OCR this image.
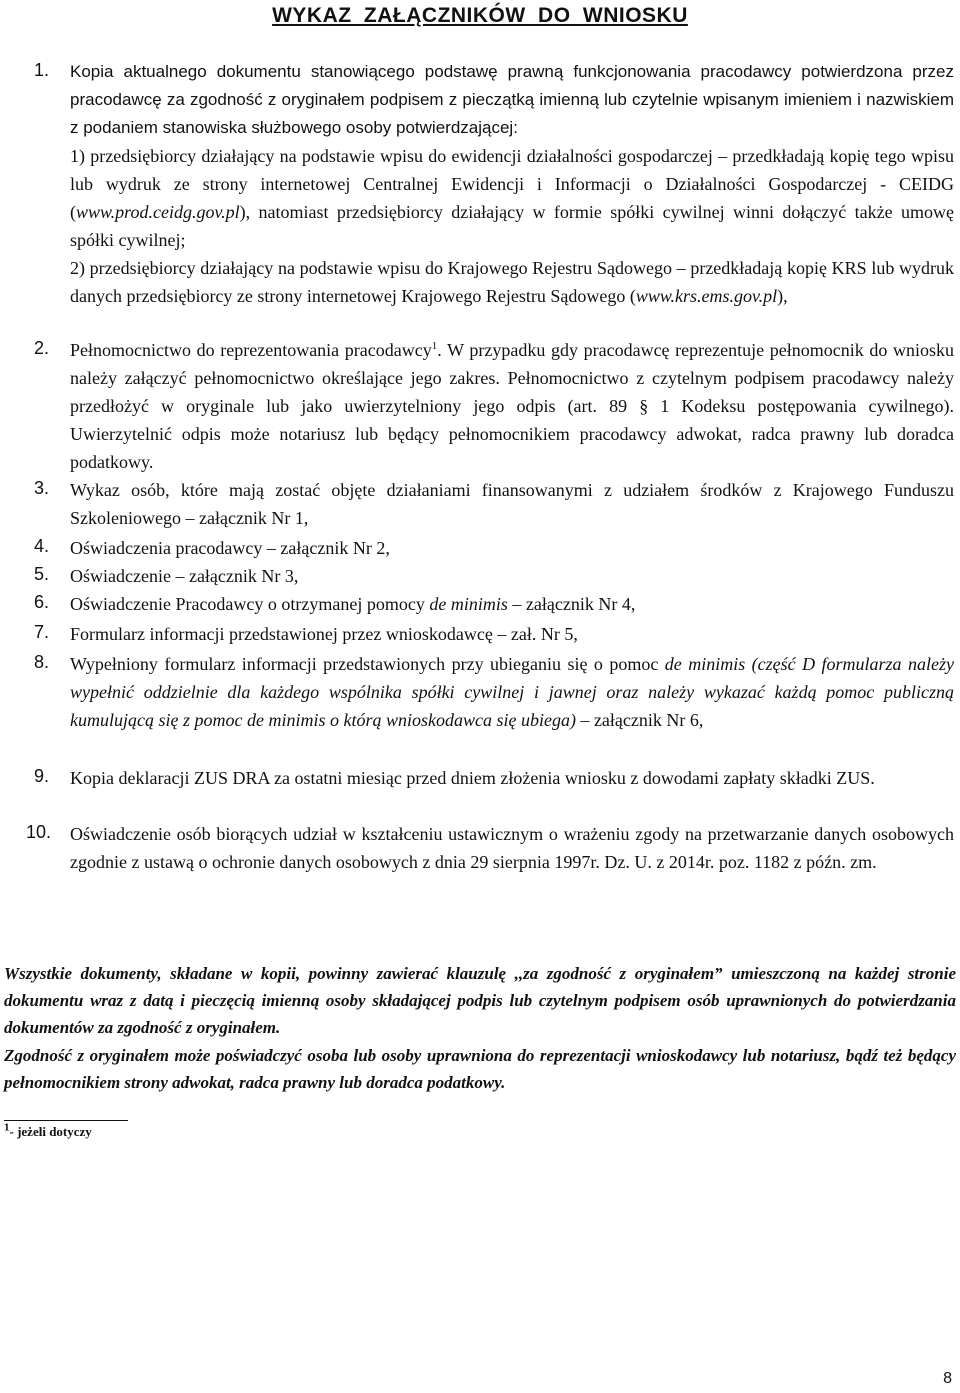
WYKAZ ZAŁĄCZNIKÓW DO WNIOSKU
1.	Kopia aktualnego dokumentu stanowiącego podstawę prawną funkcjonowania pracodawcy potwierdzona przez pracodawcę za zgodność z oryginałem podpisem z pieczątką imienną lub czytelnie wpisanym imieniem i nazwiskiem z podaniem stanowiska służbowego osoby potwierdzającej:
1) przedsiębiorcy działający na podstawie wpisu do ewidencji działalności gospodarczej – przedkładają kopię tego wpisu lub wydruk ze strony internetowej Centralnej Ewidencji i Informacji o Działalności Gospodarczej - CEIDG (www.prod.ceidg.gov.pl), natomiast przedsiębiorcy działający w formie spółki cywilnej winni dołączyć także umowę spółki cywilnej;
2) przedsiębiorcy działający na podstawie wpisu do Krajowego Rejestru Sądowego – przedkładają kopię KRS lub wydruk danych przedsiębiorcy ze strony internetowej Krajowego Rejestru Sądowego (www.krs.ems.gov.pl),
2.	Pełnomocnictwo do reprezentowania pracodawcy$^1$. W przypadku gdy pracodawcę reprezentuje pełnomocnik do wniosku należy załączyć pełnomocnictwo określające jego zakres. Pełnomocnictwo z czytelnym podpisem pracodawcy należy przedłożyć w oryginale lub jako uwierzytelniony jego odpis (art. 89 § 1 Kodeksu postępowania cywilnego). Uwierzytelnić odpis może notariusz lub będący pełnomocnikiem pracodawcy adwokat, radca prawny lub doradca podatkowy.
3.	Wykaz osób, które mają zostać objęte działaniami finansowanymi z udziałem środków z Krajowego Funduszu Szkoleniowego – załącznik Nr 1,
4.	Oświadczenia pracodawcy – załącznik Nr 2,
5.	Oświadczenie – załącznik Nr 3,
6.	Oświadczenie Pracodawcy o otrzymanej pomocy de minimis – załącznik Nr 4,
7.	Formularz informacji przedstawionej przez wnioskodawcę – zał. Nr 5,
8.	Wypełniony formularz informacji przedstawionych przy ubieganiu się o pomoc de minimis (część D formularza należy wypełnić oddzielnie dla każdego wspólnika spółki cywilnej i jawnej oraz należy wykazać każdą pomoc publiczną kumulującą się z pomoc de minimis o którą wnioskodawca się ubiega) – załącznik Nr 6,
9.	Kopia deklaracji ZUS DRA za ostatni miesiąc przed dniem złożenia wniosku z dowodami zapłaty składki ZUS.
10.	Oświadczenie osób biorących udział w kształceniu ustawicznym o wrażeniu zgody na przetwarzanie danych osobowych zgodnie z ustawą o ochronie danych osobowych z dnia 29 sierpnia 1997r. Dz. U. z 2014r. poz. 1182 z późn. zm.
Wszystkie dokumenty, składane w kopii, powinny zawierać klauzulę ,,za zgodność z oryginałem” umieszczoną na każdej stronie dokumentu wraz z datą i pieczęcią imienną osoby składającej podpis lub czytelnym podpisem osób uprawnionych do potwierdzania dokumentów za zgodność z oryginałem.
Zgodność z oryginałem może poświadczyć osoba lub osoby uprawniona do reprezentacji wnioskodawcy lub notariusz, bądź też będący pełnomocnikiem strony adwokat, radca prawny lub doradca podatkowy.
$^1$- jeżeli dotyczy
8
